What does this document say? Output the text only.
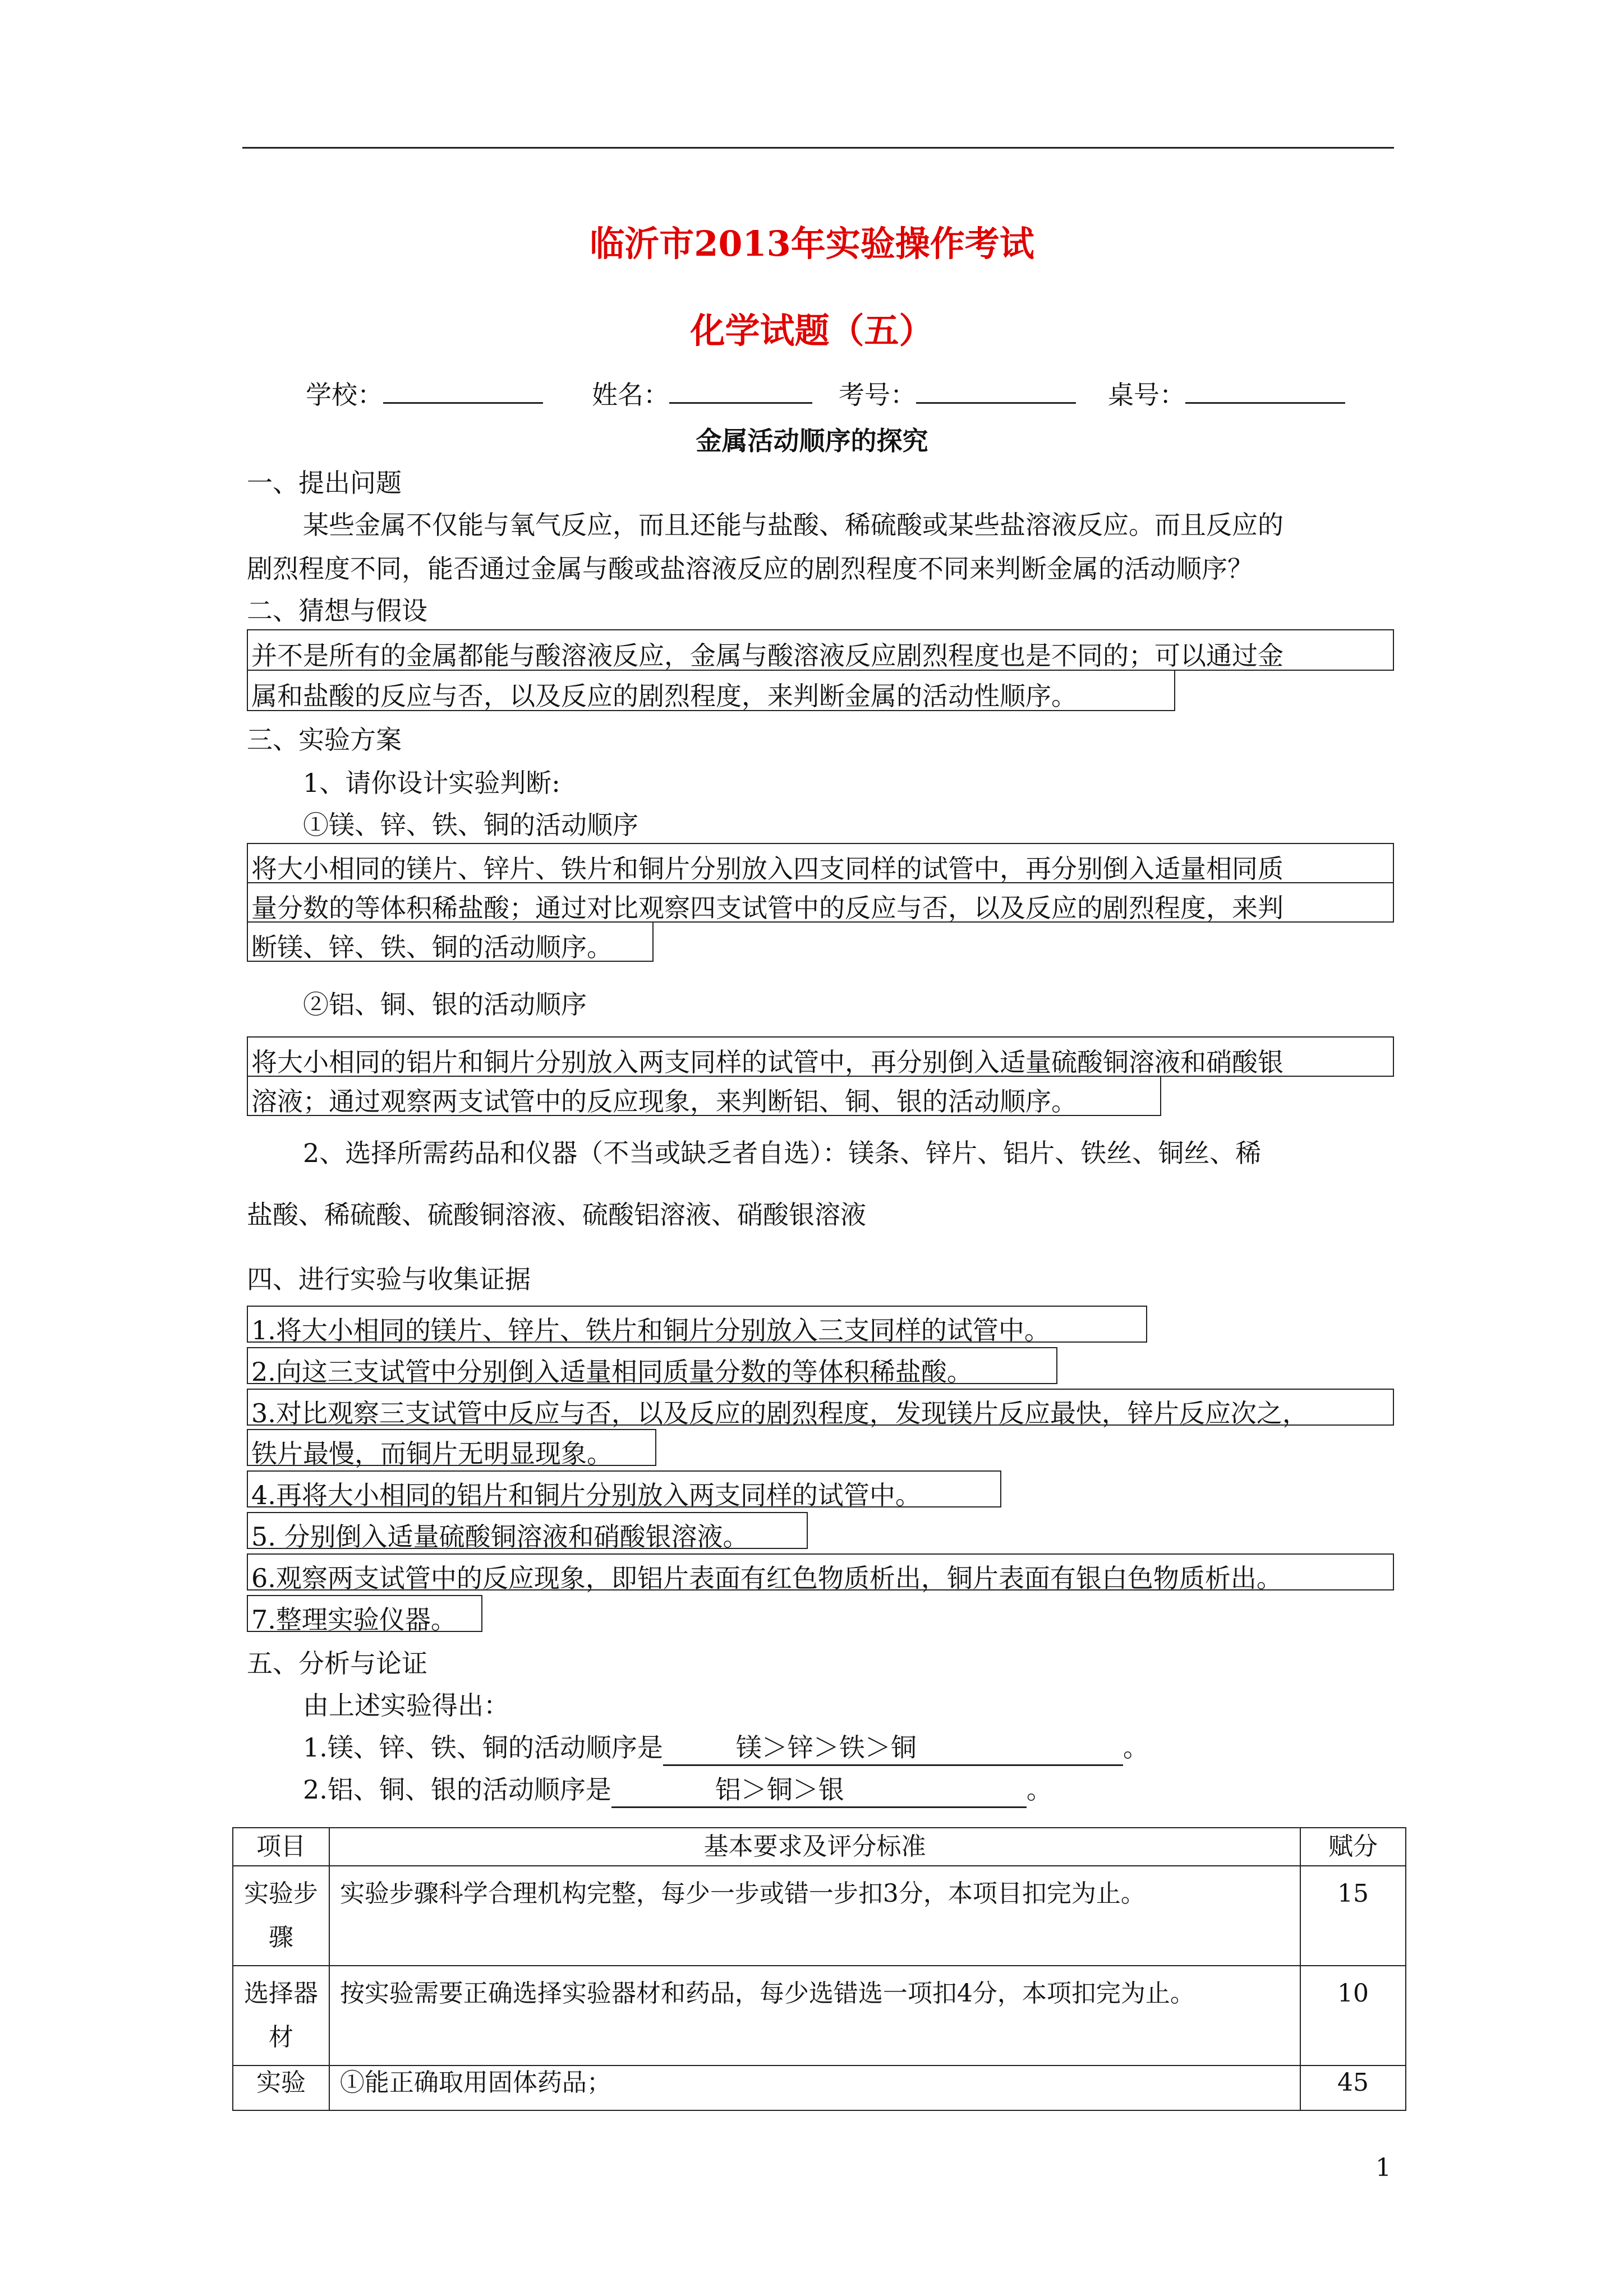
临沂市2013年实验操作考试
化学试题（五）
学校：	姓名：	考号：	桌号：
金属活动顺序的探究
一、提出问题
某些金属不仅能与氧气反应，而且还能与盐酸、稀硫酸或某些盐溶液反应。而且反应的
剧烈程度不同，能否通过金属与酸或盐溶液反应的剧烈程度不同来判断金属的活动顺序？
二、猜想与假设
并不是所有的金属都能与酸溶液反应，金属与酸溶液反应剧烈程度也是不同的；可以通过金
属和盐酸的反应与否，以及反应的剧烈程度，来判断金属的活动性顺序。
三、实验方案
1、请你设计实验判断:
①镁、锌、铁、铜的活动顺序
将大小相同的镁片、锌片、铁片和铜片分别放入四支同样的试管中，再分别倒入适量相同质
量分数的等体积稀盐酸；通过对比观察四支试管中的反应与否，以及反应的剧烈程度，来判
断镁、锌、铁、铜的活动顺序。
②铝、铜、银的活动顺序
将大小相同的铝片和铜片分别放入两支同样的试管中，再分别倒入适量硫酸铜溶液和硝酸银
溶液；通过观察两支试管中的反应现象，来判断铝、铜、银的活动顺序。
2、选择所需药品和仪器（不当或缺乏者自选）：镁条、锌片、铝片、铁丝、铜丝、稀
盐酸、稀硫酸、硫酸铜溶液、硫酸铝溶液、硝酸银溶液
四、进行实验与收集证据
1.将大小相同的镁片、锌片、铁片和铜片分别放入三支同样的试管中。
2.向这三支试管中分别倒入适量相同质量分数的等体积稀盐酸。
3.对比观察三支试管中反应与否，以及反应的剧烈程度，发现镁片反应最快，锌片反应次之，
铁片最慢，而铜片无明显现象。
4.再将大小相同的铝片和铜片分别放入两支同样的试管中。
5. 分别倒入适量硫酸铜溶液和硝酸银溶液。
6.观察两支试管中的反应现象，即铝片表面有红色物质析出，铜片表面有银白色物质析出。
7.整理实验仪器。
五、分析与论证
由上述实验得出：
1.镁、锌、铁、铜的活动顺序是	镁＞锌＞铁＞铜	。
2.铝、铜、银的活动顺序是	铝＞铜＞银	。
项目	基本要求及评分标准	赋分
实验步骤	实验步骤科学合理机构完整，每少一步或错一步扣3分，本项目扣完为止。	15
选择器材	按实验需要正确选择实验器材和药品，每少选错选一项扣4分，本项扣完为止。	10
实验	①能正确取用固体药品；	45
1
